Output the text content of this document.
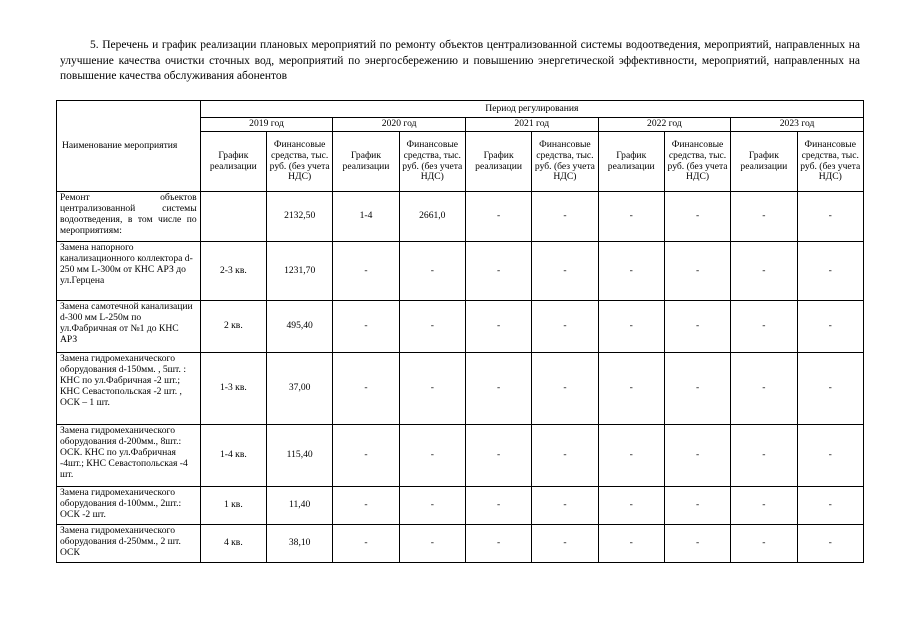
5. Перечень и график реализации плановых мероприятий по ремонту объектов централизованной системы водоотведения, мероприятий, направленных на улучшение качества очистки сточных вод, мероприятий по энергосбережению и повышению энергетической эффективности, мероприятий, направленных на повышение качества обслуживания абонентов
Наименование мероприятия	Период регулирования									
	2019 год		2020 год		2021 год		2022 год		2023 год	
	График реализации	Финансовые средства, тыс. руб. (без учета НДС)	График реализации	Финансовые средства, тыс. руб. (без учета НДС)	График реализации	Финансовые средства, тыс. руб. (без учета НДС)	График реализации	Финансовые средства, тыс. руб. (без учета НДС)	График реализации	Финансовые средства, тыс. руб. (без учета НДС)
Ремонт объектов централизованной системы водоотведения, в том числе по мероприятиям:		2132,50	1-4	2661,0	-	-	-	-	-	-
Замена напорного канализационного коллектора d-250 мм L-300м от КНС АРЗ до ул.Герцена	2-3 кв.	1231,70	-	-	-	-	-	-	-	-
Замена самотечной канализации d-300 мм L-250м по ул.Фабричная от №1 до КНС АРЗ	2 кв.	495,40	-	-	-	-	-	-	-	-
Замена гидромеханического оборудования d-150мм. , 5шт. : КНС по ул.Фабричная -2 шт.; КНС Севастопольская -2 шт. , ОСК – 1 шт.	1-3 кв.	37,00	-	-	-	-	-	-	-	-
Замена гидромеханического оборудования d-200мм., 8шт.: ОСК. КНС по ул.Фабричная -4шт.; КНС Севастопольская -4 шт.	1-4 кв.	115,40	-	-	-	-	-	-	-	-
Замена гидромеханического оборудования d-100мм., 2шт.: ОСК -2 шт.	1 кв.	11,40	-	-	-	-	-	-	-	-
Замена гидромеханического оборудования d-250мм., 2 шт. ОСК	4 кв.	38,10	-	-	-	-	-	-	-	-
